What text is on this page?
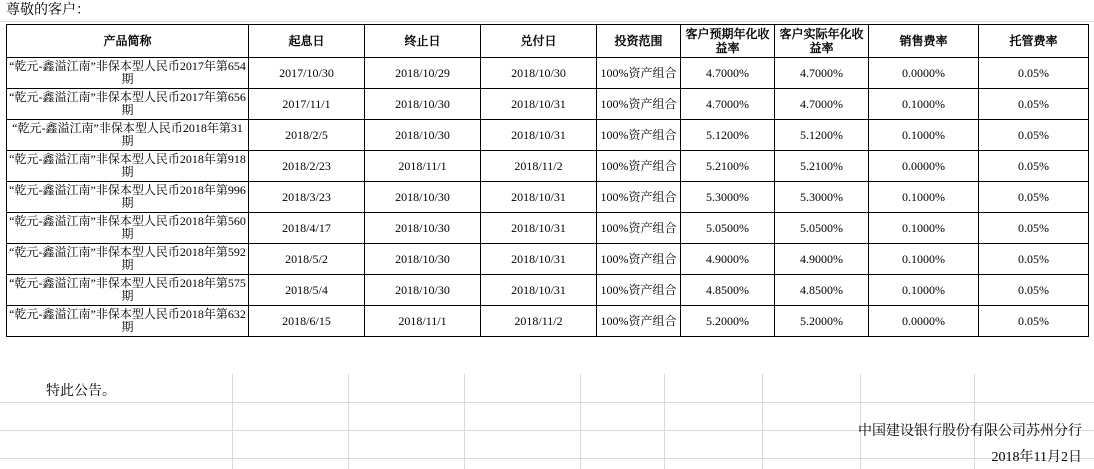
尊敬的客户：
产品简称	起息日	终止日	兑付日	投资范围	客户预期年化收益率	客户实际年化收益率	销售费率	托管费率
“乾元-鑫溢江南”非保本型人民币2017年第654期	2017/10/30	2018/10/29	2018/10/30	100%资产组合	4.7000%	4.7000%	0.0000%	0.05%
“乾元-鑫溢江南”非保本型人民币2017年第656期	2017/11/1	2018/10/30	2018/10/31	100%资产组合	4.7000%	4.7000%	0.1000%	0.05%
“乾元-鑫溢江南”非保本型人民币2018年第31期	2018/2/5	2018/10/30	2018/10/31	100%资产组合	5.1200%	5.1200%	0.1000%	0.05%
“乾元-鑫溢江南”非保本型人民币2018年第918期	2018/2/23	2018/11/1	2018/11/2	100%资产组合	5.2100%	5.2100%	0.0000%	0.05%
“乾元-鑫溢江南”非保本型人民币2018年第996期	2018/3/23	2018/10/30	2018/10/31	100%资产组合	5.3000%	5.3000%	0.1000%	0.05%
“乾元-鑫溢江南”非保本型人民币2018年第560期	2018/4/17	2018/10/30	2018/10/31	100%资产组合	5.0500%	5.0500%	0.1000%	0.05%
“乾元-鑫溢江南”非保本型人民币2018年第592期	2018/5/2	2018/10/30	2018/10/31	100%资产组合	4.9000%	4.9000%	0.1000%	0.05%
“乾元-鑫溢江南”非保本型人民币2018年第575期	2018/5/4	2018/10/30	2018/10/31	100%资产组合	4.8500%	4.8500%	0.1000%	0.05%
“乾元-鑫溢江南”非保本型人民币2018年第632期	2018/6/15	2018/11/1	2018/11/2	100%资产组合	5.2000%	5.2000%	0.0000%	0.05%
特此公告。
中国建设银行股份有限公司苏州分行
2018年11月2日
